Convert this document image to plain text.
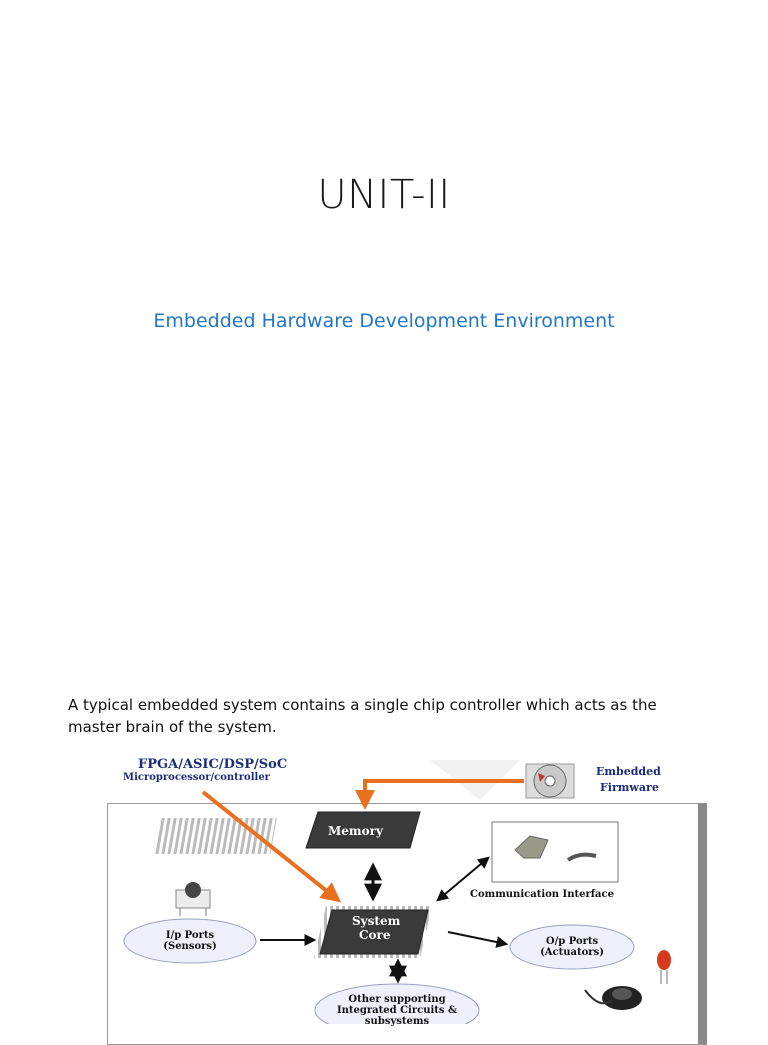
UNIT-II
Embedded Hardware Development Environment
A typical embedded system contains a single chip controller which acts as the
master brain of the system.
FPGA/ASIC/DSP/SoC
Microprocessor/controller	Embedded
Firmware
Memory
System
Core
Communication Interface
I/p Ports
(Sensors)	O/p Ports
(Actuators)
Other supporting
Integrated Circuits &
subsystems
